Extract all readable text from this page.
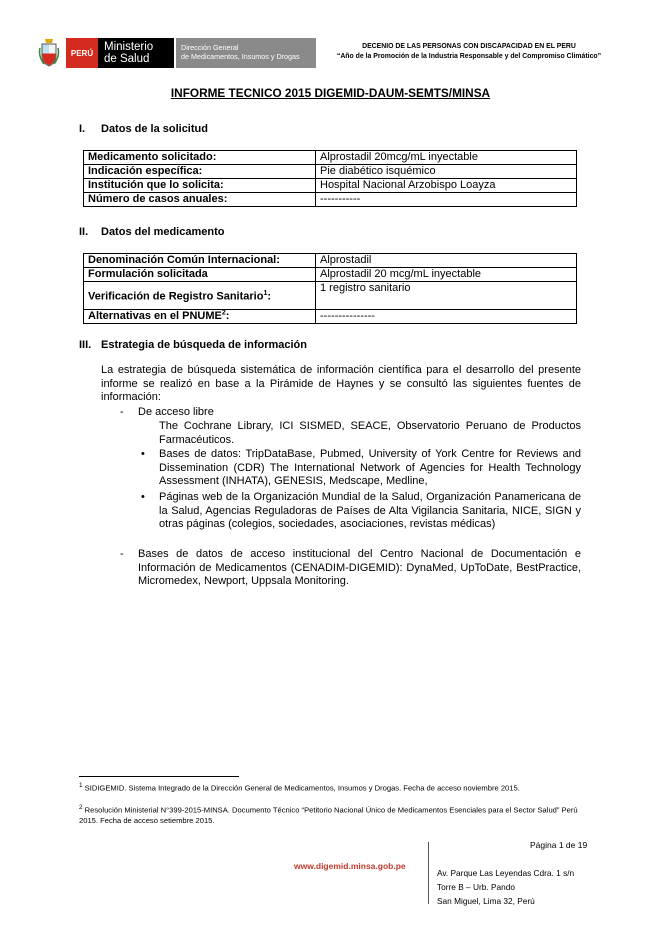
PERÚ Ministerio
de Salud
Dirección General
de Medicamentos, Insumos y Drogas
DECENIO DE LAS PERSONAS CON DISCAPACIDAD EN EL PERU
“Año de la Promoción de la Industria Responsable y del Compromiso Climático”
INFORME TECNICO 2015 DIGEMID-DAUM-SEMTS/MINSA
I. Datos de la solicitud
Medicamento solicitado:	Alprostadil 20mcg/mL inyectable
Indicación específica:	Pie diabético isquémico
Institución que lo solicita:	Hospital Nacional Arzobispo Loayza
Número de casos anuales:	-----------
II. Datos del medicamento
Denominación Común Internacional:	Alprostadil
Formulación solicitada	Alprostadil 20 mcg/mL inyectable
Verificación de Registro Sanitario$^1$:	1 registro sanitario
Alternativas en el PNUME$^2$:	---------------
III. Estrategia de búsqueda de información
La estrategia de búsqueda sistemática de información científica para el desarrollo del presente informe se realizó en base a la Pirámide de Haynes y se consultó las siguientes fuentes de información:
- De acceso libre
The Cochrane Library, ICI SISMED, SEACE, Observatorio Peruano de Productos Farmacéuticos.
• Bases de datos: TripDataBase, Pubmed, University of York Centre for Reviews and Dissemination (CDR) The International Network of Agencies for Health Technology Assessment (INHATA), GENESIS, Medscape, Medline,
• Páginas web de la Organización Mundial de la Salud, Organización Panamericana de la Salud, Agencias Reguladoras de Países de Alta Vigilancia Sanitaria, NICE, SIGN y otras páginas (colegios, sociedades, asociaciones, revistas médicas)
- Bases de datos de acceso institucional del Centro Nacional de Documentación e Información de Medicamentos (CENADIM-DIGEMID): DynaMed, UpToDate, BestPractice, Micromedex, Newport, Uppsala Monitoring.
$^1$ SIDIGEMID. Sistema Integrado de la Dirección General de Medicamentos, Insumos y Drogas. Fecha de acceso noviembre 2015.
$^2$ Resolución Ministerial N°399-2015-MINSA. Documento Técnico “Petitorio Nacional Único de Medicamentos Esenciales para el Sector Salud” Perú 2015. Fecha de acceso setiembre 2015.
Página 1 de 19
www.digemid.minsa.gob.pe
Av. Parque Las Leyendas Cdra. 1 s/n
Torre B – Urb. Pando
San Miguel, Lima 32, Perú
